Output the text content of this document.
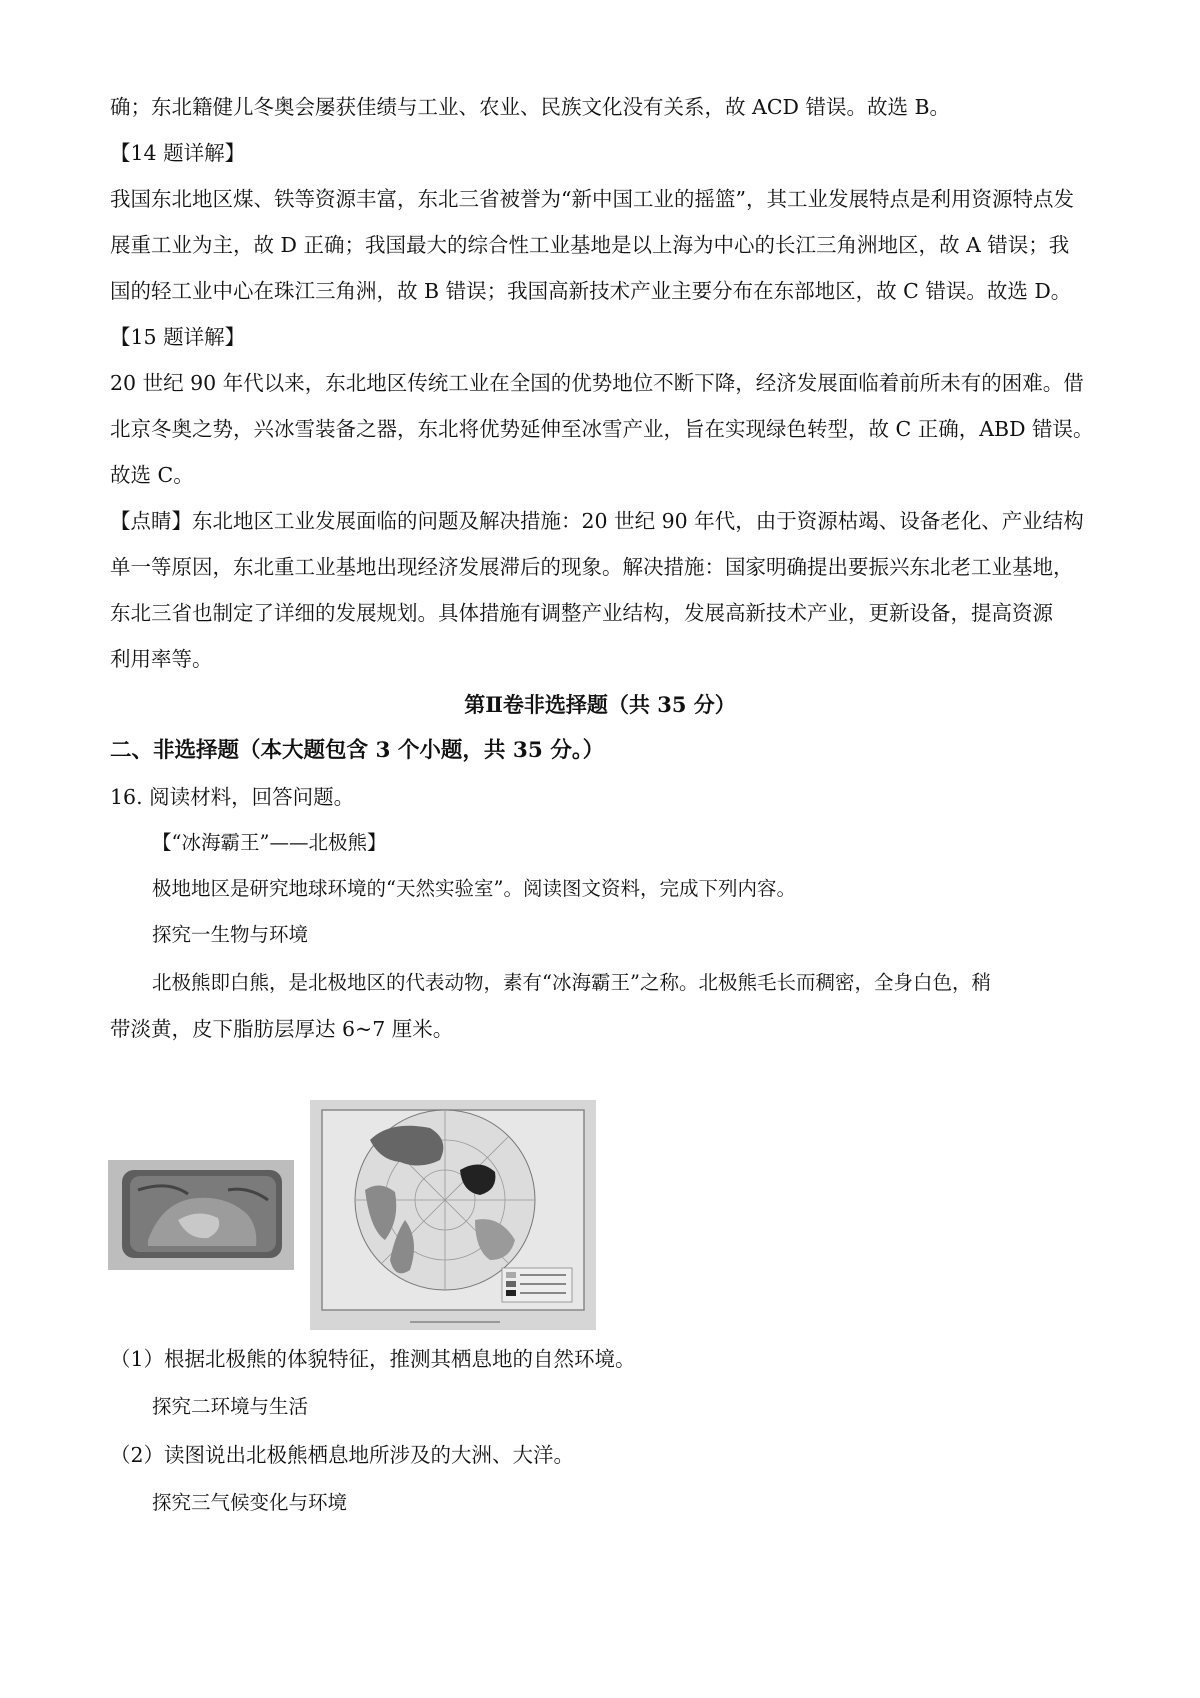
确；东北籍健儿冬奥会屡获佳绩与工业、农业、民族文化没有关系，故 ACD 错误。故选 B。

【14 题详解】

我国东北地区煤、铁等资源丰富，东北三省被誉为“新中国工业的摇篮”，其工业发展特点是利用资源特点发

展重工业为主，故 D 正确；我国最大的综合性工业基地是以上海为中心的长江三角洲地区，故 A 错误；我

国的轻工业中心在珠江三角洲，故 B 错误；我国高新技术产业主要分布在东部地区，故 C 错误。故选 D。

【15 题详解】

20 世纪 90 年代以来，东北地区传统工业在全国的优势地位不断下降，经济发展面临着前所未有的困难。借

北京冬奥之势，兴冰雪装备之器，东北将优势延伸至冰雪产业，旨在实现绿色转型，故 C 正确，ABD 错误。

故选 C。

【点睛】东北地区工业发展面临的问题及解决措施：20 世纪 90 年代，由于资源枯竭、设备老化、产业结构

单一等原因，东北重工业基地出现经济发展滞后的现象。解决措施：国家明确提出要振兴东北老工业基地，

东北三省也制定了详细的发展规划。具体措施有调整产业结构，发展高新技术产业，更新设备，提高资源

利用率等。

第Ⅱ卷非选择题（共 35 分）

二、非选择题（本大题包含 3 个小题，共 35 分。）

16. 阅读材料，回答问题。

【“冰海霸王”——北极熊】

极地地区是研究地球环境的“天然实验室”。阅读图文资料，完成下列内容。

探究一生物与环境

北极熊即白熊，是北极地区的代表动物，素有“冰海霸王”之称。北极熊毛长而稠密，全身白色，稍

带淡黄，皮下脂肪层厚达 6~7 厘米。

（1）根据北极熊的体貌特征，推测其栖息地的自然环境。

探究二环境与生活

（2）读图说出北极熊栖息地所涉及的大洲、大洋。

探究三气候变化与环境
